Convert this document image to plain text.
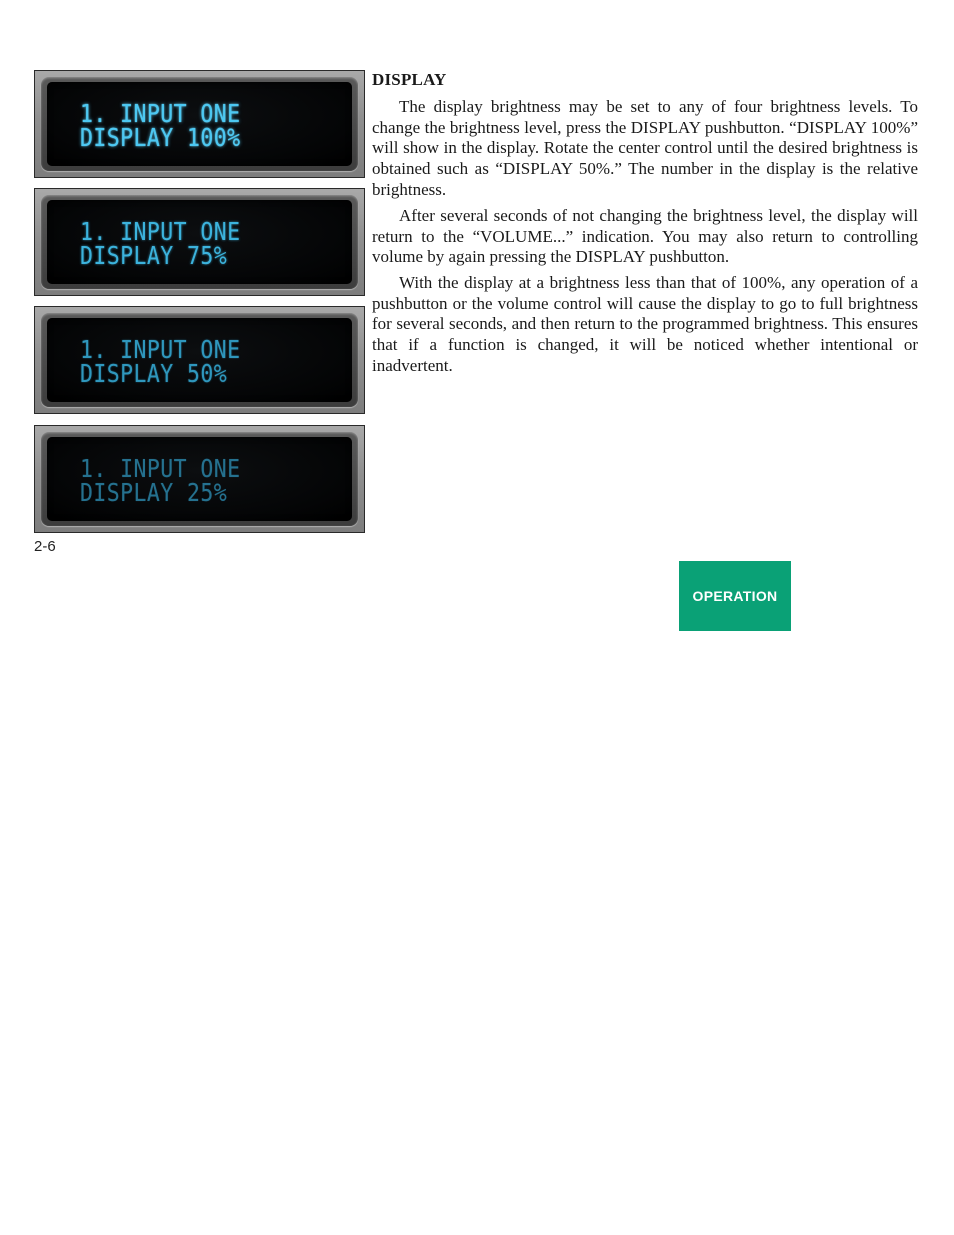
1. INPUT ONE
DISPLAY 100%
1. INPUT ONE
DISPLAY 75%
1. INPUT ONE
DISPLAY 50%
1. INPUT ONE
DISPLAY 25%
DISPLAY

The display brightness may be set to any of four brightness levels. To change the brightness level, press the DISPLAY pushbutton. “DISPLAY 100%” will show in the display. Rotate the center control until the desired brightness is obtained such as “DISPLAY 50%.” The number in the display is the relative brightness.

After several seconds of not changing the brightness level, the display will return to the “VOLUME...” indication. You may also return to controlling volume by again pressing the DISPLAY pushbutton.

With the display at a brightness less than that of 100%, any operation of a pushbutton or the volume control will cause the display to go to full brightness for several seconds, and then return to the programmed brightness. This ensures that if a function is changed, it will be noticed whether intentional or inadvertent.

2-6
OPERATION
